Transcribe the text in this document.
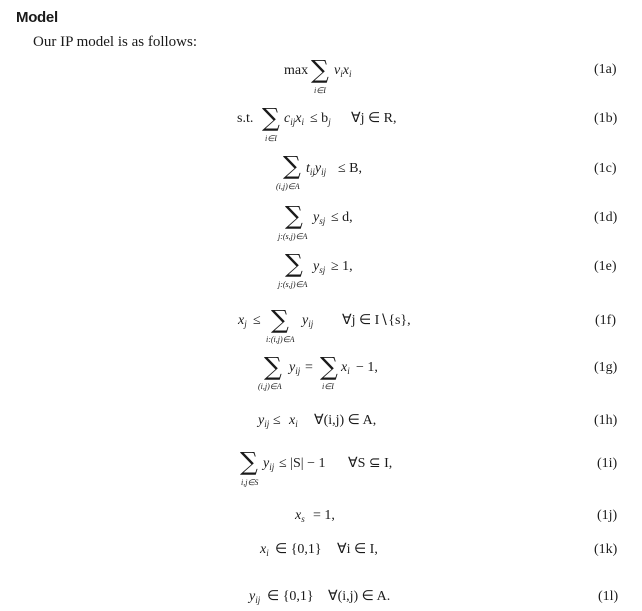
Model
Our IP model is as follows:
max ∑
i∈I
$v_ix_i$	(1a)
s.t. ∑
i∈I
$c_{ij}x_i \le b_j$ ∀j ∈ R,	(1b)
∑
(i,j)∈A
$t_{ij}y_{ij} \le B$,	(1c)
∑
j:(s,j)∈A
$y_{sj} \le d$,	(1d)
∑
j:(s,j)∈A
$y_{sj} \ge 1$,	(1e)
$x_j$ ≤ ∑
i:(i,j)∈A
$y_{ij}$ ∀j ∈ I∖{s},	(1f)
∑
(i,j)∈A
$y_{ij}$ = ∑
i∈I
$x_i - 1$,	(1g)
$y_{ij} \le x_i$ ∀(i,j) ∈ A,	(1h)
∑
i,j∈S
$y_{ij} \le |S| - 1$ ∀S ⊆ I,	(1i)
$x_s = 1$,	(1j)
$x_i$ ∈ {0,1} ∀i ∈ I,	(1k)
$y_{ij}$ ∈ {0,1} ∀(i,j) ∈ A.	(1l)
